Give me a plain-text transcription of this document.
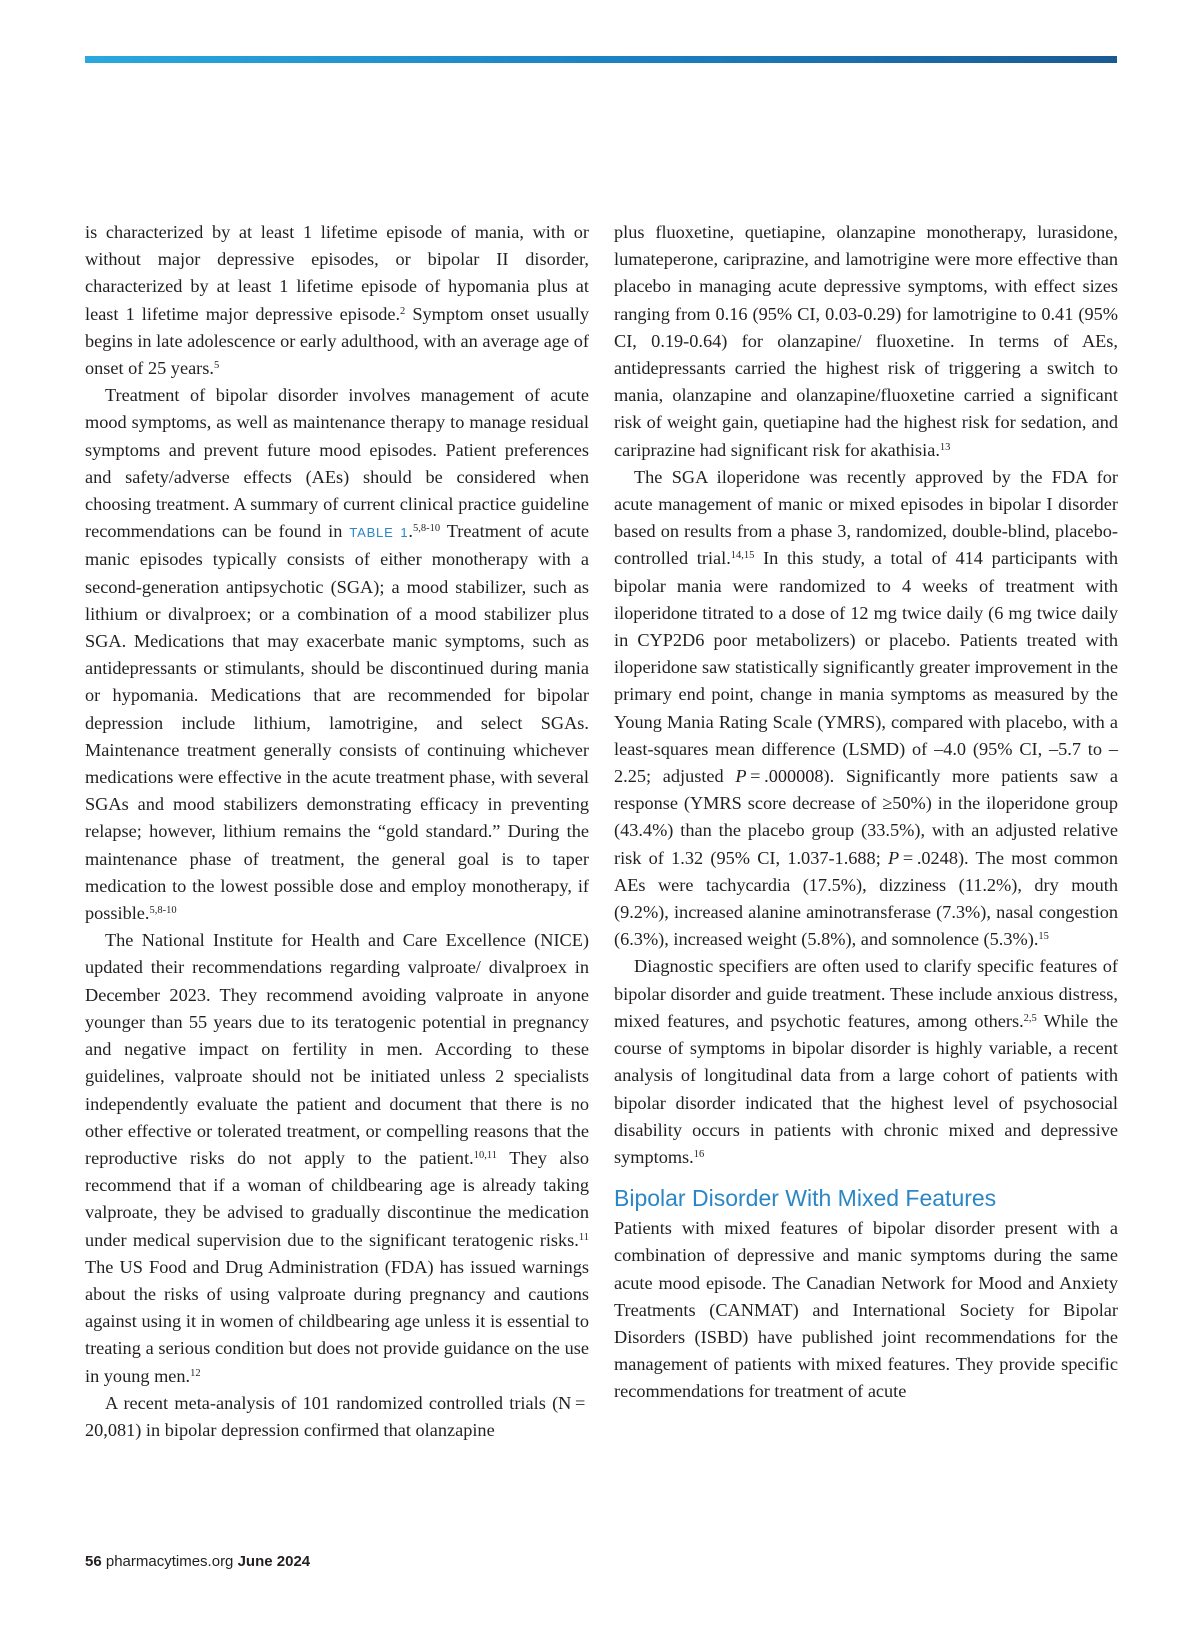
is characterized by at least 1 lifetime episode of mania, with or without major depressive episodes, or bipolar II disorder, characterized by at least 1 lifetime episode of hypomania plus at least 1 lifetime major depressive episode.$^2$ Symptom onset usually begins in late adolescence or early adulthood, with an average age of onset of 25 years.$^5$

Treatment of bipolar disorder involves management of acute mood symptoms, as well as maintenance therapy to manage residual symptoms and prevent future mood episodes. Patient preferences and safety/adverse effects (AEs) should be considered when choosing treatment. A summary of current clinical practice guideline recommendations can be found in TABLE 1.$^{5,8-10}$ Treatment of acute manic episodes typically consists of either monotherapy with a second-generation antipsychotic (SGA); a mood stabilizer, such as lithium or divalproex; or a combination of a mood stabilizer plus SGA. Medications that may exacerbate manic symptoms, such as antidepressants or stimulants, should be discontinued during mania or hypomania. Medications that are recommended for bipolar depression include lithium, lamotrigine, and select SGAs. Maintenance treatment generally consists of continuing whichever medications were effective in the acute treatment phase, with several SGAs and mood stabilizers demonstrating efficacy in preventing relapse; however, lithium remains the “gold standard.” During the maintenance phase of treatment, the general goal is to taper medication to the lowest possible dose and employ monotherapy, if possible.$^{5,8-10}$

The National Institute for Health and Care Excellence (NICE) updated their recommendations regarding valproate/ divalproex in December 2023. They recommend avoiding valproate in anyone younger than 55 years due to its teratogenic potential in pregnancy and negative impact on fertility in men. According to these guidelines, valproate should not be initiated unless 2 specialists independently evaluate the patient and document that there is no other effective or tolerated treatment, or compelling reasons that the reproductive risks do not apply to the patient.$^{10,11}$ They also recommend that if a woman of childbearing age is already taking valproate, they be advised to gradually discontinue the medication under medical supervision due to the significant teratogenic risks.$^{11}$ The US Food and Drug Administration (FDA) has issued warnings about the risks of using valproate during pregnancy and cautions against using it in women of childbearing age unless it is essential to treating a serious condition but does not provide guidance on the use in young men.$^{12}$

A recent meta-analysis of 101 randomized controlled trials (N = 20,081) in bipolar depression confirmed that olanzapine

plus fluoxetine, quetiapine, olanzapine monotherapy, lurasidone, lumateperone, cariprazine, and lamotrigine were more effective than placebo in managing acute depressive symptoms, with effect sizes ranging from 0.16 (95% CI, 0.03-0.29) for lamotrigine to 0.41 (95% CI, 0.19-0.64) for olanzapine/ fluoxetine. In terms of AEs, antidepressants carried the highest risk of triggering a switch to mania, olanzapine and olanzapine/fluoxetine carried a significant risk of weight gain, quetiapine had the highest risk for sedation, and cariprazine had significant risk for akathisia.$^{13}$

The SGA iloperidone was recently approved by the FDA for acute management of manic or mixed episodes in bipolar I disorder based on results from a phase 3, randomized, double-blind, placebo-controlled trial.$^{14,15}$ In this study, a total of 414 participants with bipolar mania were randomized to 4 weeks of treatment with iloperidone titrated to a dose of 12 mg twice daily (6 mg twice daily in CYP2D6 poor metabolizers) or placebo. Patients treated with iloperidone saw statistically significantly greater improvement in the primary end point, change in mania symptoms as measured by the Young Mania Rating Scale (YMRS), compared with placebo, with a least-squares mean difference (LSMD) of –4.0 (95% CI, –5.7 to –2.25; adjusted P = .000008). Significantly more patients saw a response (YMRS score decrease of ≥50%) in the iloperidone group (43.4%) than the placebo group (33.5%), with an adjusted relative risk of 1.32 (95% CI, 1.037-1.688; P = .0248). The most common AEs were tachycardia (17.5%), dizziness (11.2%), dry mouth (9.2%), increased alanine aminotransferase (7.3%), nasal congestion (6.3%), increased weight (5.8%), and somnolence (5.3%).$^{15}$

Diagnostic specifiers are often used to clarify specific features of bipolar disorder and guide treatment. These include anxious distress, mixed features, and psychotic features, among others.$^{2,5}$ While the course of symptoms in bipolar disorder is highly variable, a recent analysis of longitudinal data from a large cohort of patients with bipolar disorder indicated that the highest level of psychosocial disability occurs in patients with chronic mixed and depressive symptoms.$^{16}$

Bipolar Disorder With Mixed Features

Patients with mixed features of bipolar disorder present with a combination of depressive and manic symptoms during the same acute mood episode. The Canadian Network for Mood and Anxiety Treatments (CANMAT) and International Society for Bipolar Disorders (ISBD) have published joint recommendations for the management of patients with mixed features. They provide specific recommendations for treatment of acute

56 pharmacytimes.org June 2024
